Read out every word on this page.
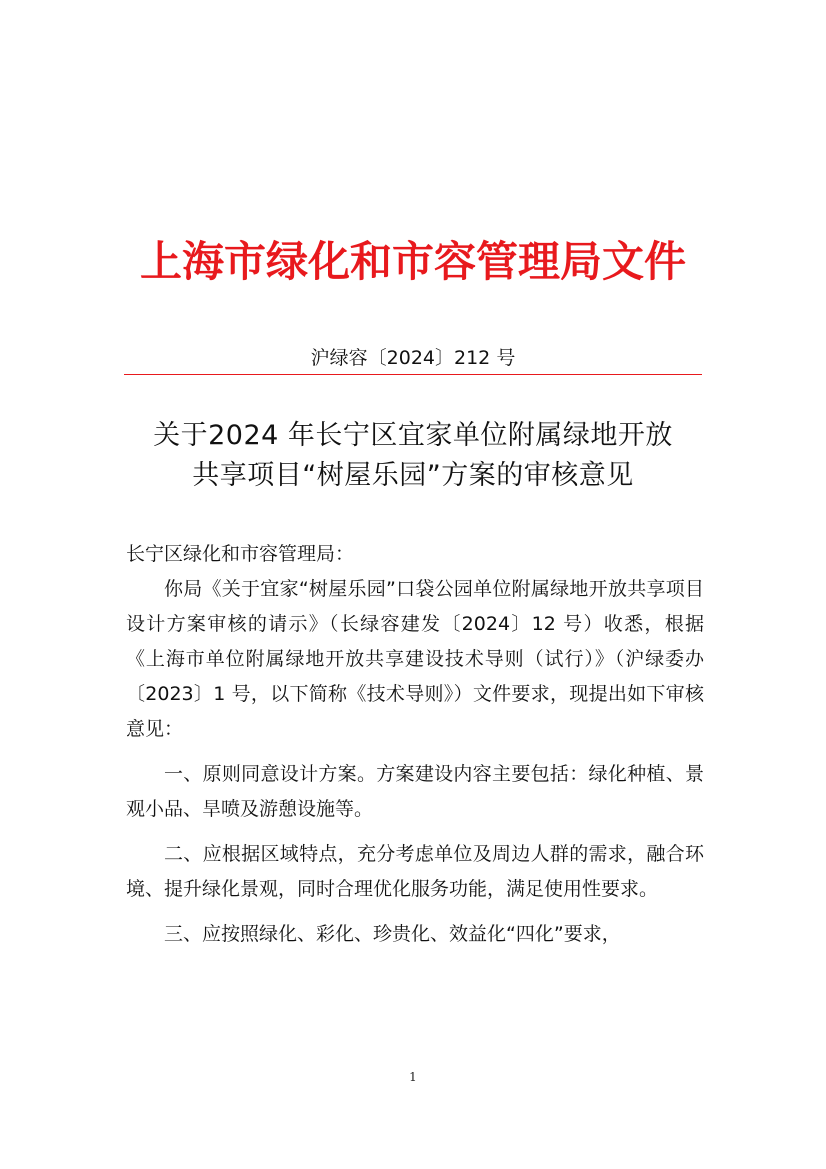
上海市绿化和市容管理局文件
沪绿容〔2024〕212 号
关于2024 年长宁区宜家单位附属绿地开放
共享项目“树屋乐园”方案的审核意见

长宁区绿化和市容管理局：

你局《关于宜家“树屋乐园”口袋公园单位附属绿地开放共享项目设计方案审核的请示》（长绿容建发〔2024〕12 号）收悉，根据《上海市单位附属绿地开放共享建设技术导则（试行）》（沪绿委办〔2023〕1 号，以下简称《技术导则》）文件要求，现提出如下审核意见：

一、原则同意设计方案。方案建设内容主要包括：绿化种植、景观小品、旱喷及游憩设施等。

二、应根据区域特点，充分考虑单位及周边人群的需求，融合环境、提升绿化景观，同时合理优化服务功能，满足使用性要求。

三、应按照绿化、彩化、珍贵化、效益化“四化”要求，

1
